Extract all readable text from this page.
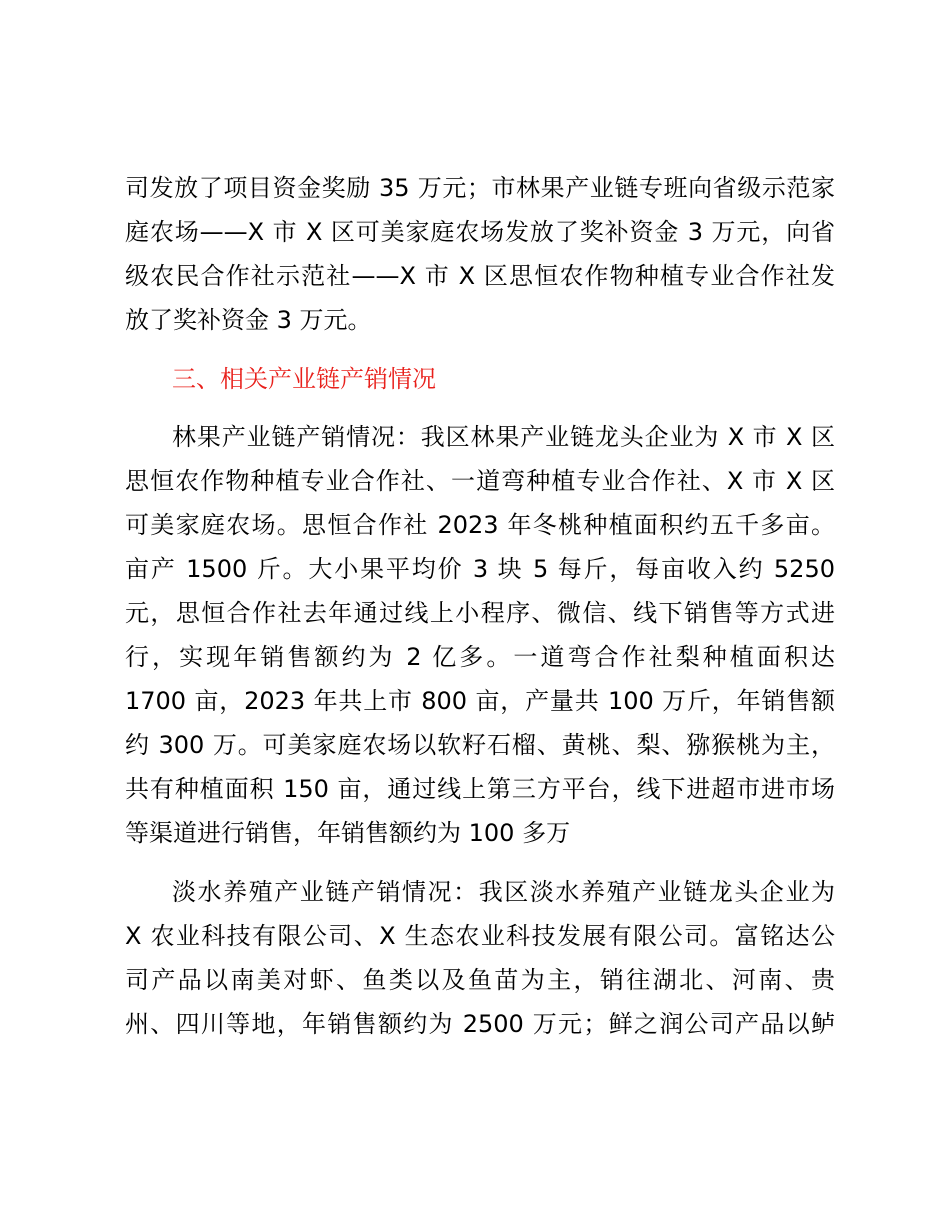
司发放了项目资金奖励 35 万元；市林果产业链专班向省级示范家
庭农场——X 市 X 区可美家庭农场发放了奖补资金 3 万元，向省
级农民合作社示范社——X 市 X 区思恒农作物种植专业合作社发
放了奖补资金 3 万元。
三、相关产业链产销情况
林果产业链产销情况：我区林果产业链龙头企业为 X 市 X 区
思恒农作物种植专业合作社、一道弯种植专业合作社、X 市 X 区
可美家庭农场。思恒合作社 2023 年冬桃种植面积约五千多亩。
亩产 1500 斤。大小果平均价 3 块 5 每斤，每亩收入约 5250
元，思恒合作社去年通过线上小程序、微信、线下销售等方式进
行，实现年销售额约为 2 亿多。一道弯合作社梨种植面积达
1700 亩，2023 年共上市 800 亩，产量共 100 万斤，年销售额
约 300 万。可美家庭农场以软籽石榴、黄桃、梨、猕猴桃为主，
共有种植面积 150 亩，通过线上第三方平台，线下进超市进市场
等渠道进行销售，年销售额约为 100 多万
淡水养殖产业链产销情况：我区淡水养殖产业链龙头企业为
X 农业科技有限公司、X 生态农业科技发展有限公司。富铭达公
司产品以南美对虾、鱼类以及鱼苗为主，销往湖北、河南、贵
州、四川等地，年销售额约为 2500 万元；鲜之润公司产品以鲈
